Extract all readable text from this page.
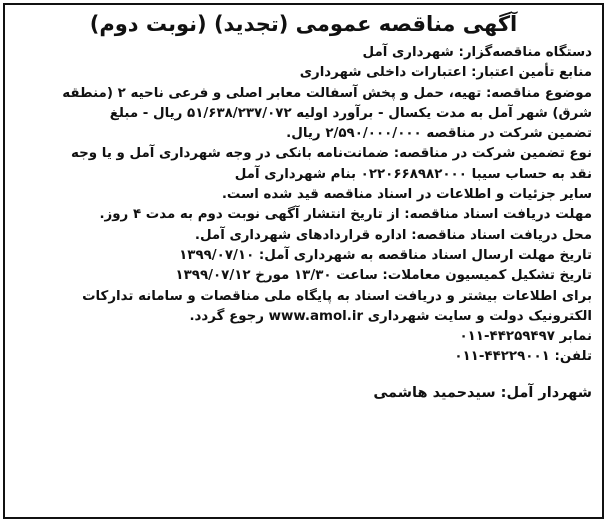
آگهی مناقصه عمومی (تجدید) (نوبت دوم)
دستگاه مناقصه‌گزار: شهرداری آمل
منابع تأمین اعتبار: اعتبارات داخلی شهرداری
موضوع مناقصه: تهیه، حمل و پخش آسفالت معابر اصلی و فرعی ناحیه ۲ (منطقه
شرق) شهر آمل به مدت یکسال - برآورد اولیه ۵۱/۶۳۸/۲۳۷/۰۷۲ ریال - مبلغ
تضمین شرکت در مناقصه ۲/۵۹۰/۰۰۰/۰۰۰ ریال.
نوع تضمین شرکت در مناقصه: ضمانت‌نامه بانکی در وجه شهرداری آمل و یا وجه
نقد به حساب سیبا ۰۲۲۰۶۶۸۹۸۲۰۰۰ بنام شهرداری آمل
سایر جزئیات و اطلاعات در اسناد مناقصه قید شده است.
مهلت دریافت اسناد مناقصه: از تاریخ انتشار آگهی نوبت دوم به مدت ۴ روز.
محل دریافت اسناد مناقصه: اداره قراردادهای شهرداری آمل.
تاریخ مهلت ارسال اسناد مناقصه به شهرداری آمل: ۱۳۹۹/۰۷/۱۰
تاریخ تشکیل کمیسیون معاملات: ساعت ۱۳/۳۰ مورخ ۱۳۹۹/۰۷/۱۲
برای اطلاعات بیشتر و دریافت اسناد به پایگاه ملی مناقصات و سامانه تدارکات
الکترونیک دولت و سایت شهرداری www.amol.ir رجوع گردد.
نمابر ۴۴۲۵۹۴۹۷-۰۱۱
تلفن: ۴۴۲۲۹۰۰۱-۰۱۱
شهردار آمل: سیدحمید هاشمی
